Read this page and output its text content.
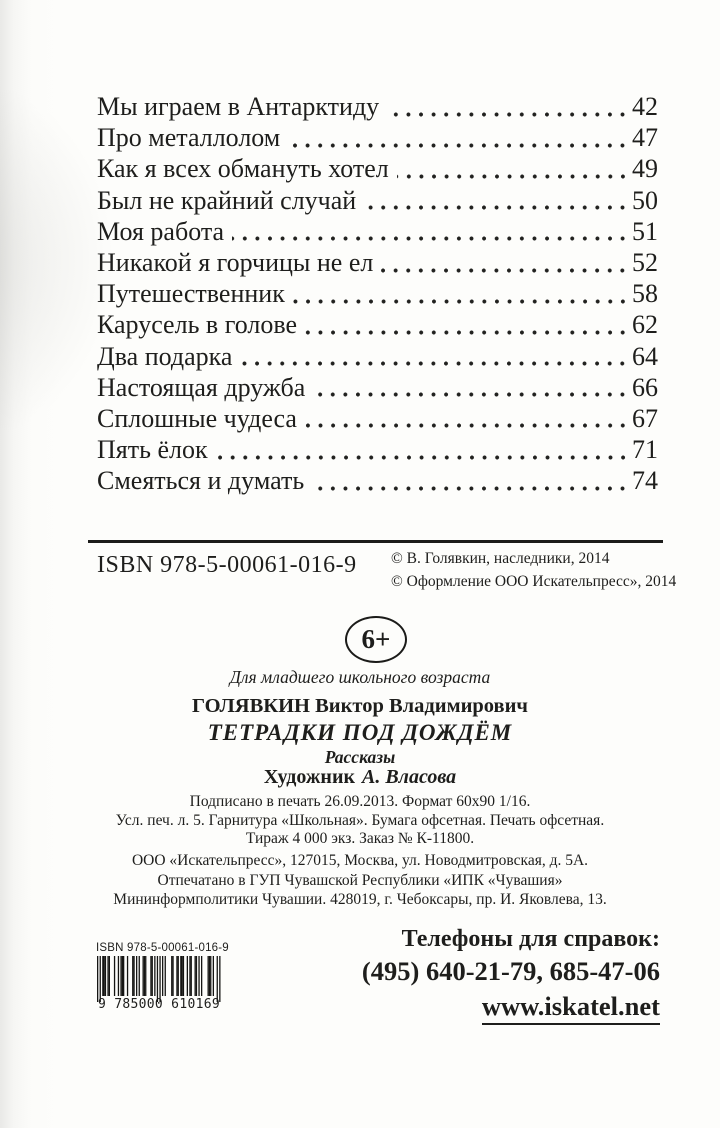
Мы играем в Антарктиду	42
Про металлолом	47
Как я всех обмануть хотел	49
Был не крайний случай	50
Моя работа	51
Никакой я горчицы не ел	52
Путешественник	58
Карусель в голове	62
Два подарка	64
Настоящая дружба	66
Сплошные чудеса	67
Пять ёлок	71
Смеяться и думать	74
ISBN 978-5-00061-016-9 © В. Голявкин, наследники, 2014
© Оформление ООО Искательпресс», 2014
6+
Для младшего школьного возраста
ГОЛЯВКИН Виктор Владимирович
ТЕТРАДКИ ПОД ДОЖДЁМ
Рассказы
Художник А. Власова
Подписано в печать 26.09.2013. Формат 60x90 1/16.
Усл. печ. л. 5. Гарнитура «Школьная». Бумага офсетная. Печать офсетная.
Тираж 4 000 экз. Заказ № К-11800.
ООО «Искательпресс», 127015, Москва, ул. Новодмитровская, д. 5А.
Отпечатано в ГУП Чувашской Республики «ИПК «Чувашия»
Мининформполитики Чувашии. 428019, г. Чебоксары, пр. И. Яковлева, 13.
ISBN 978-5-00061-016-9
9 785000 610169
Телефоны для справок:
(495) 640-21-79, 685-47-06
www.iskatel.net
